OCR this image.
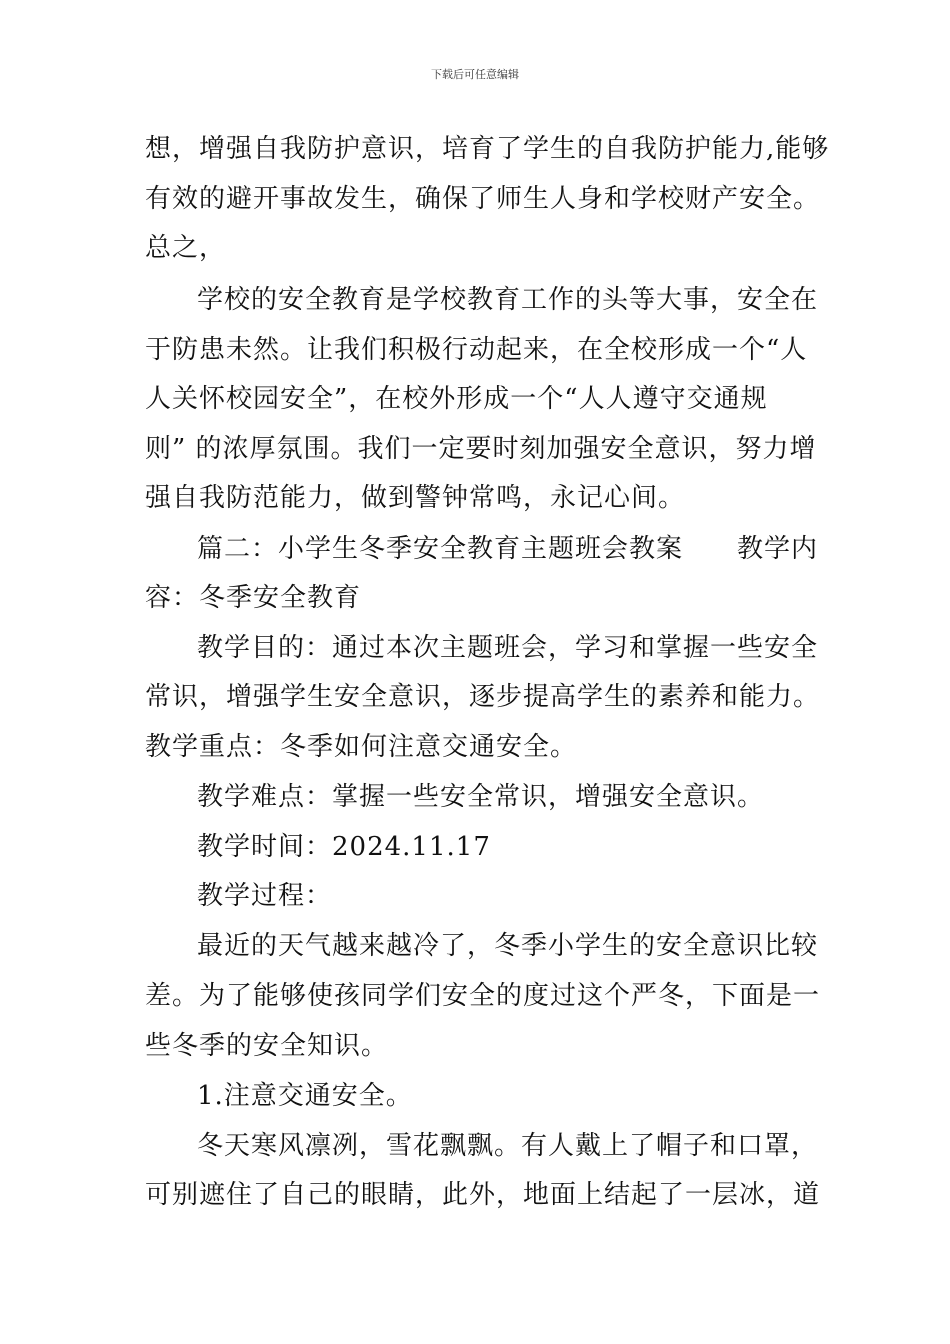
下载后可任意编辑
想，增强自我防护意识，培育了学生的自我防护能力,能够
有效的避开事故发生，确保了师生人身和学校财产安全。
总之，
学校的安全教育是学校教育工作的头等大事，安全在
于防患未然。让我们积极行动起来，在全校形成一个“人
人关怀校园安全”，在校外形成一个“人人遵守交通规
则” 的浓厚氛围。我们一定要时刻加强安全意识，努力增
强自我防范能力，做到警钟常鸣，永记心间。
篇二：小学生冬季安全教育主题班会教案　　教学内
容：冬季安全教育
教学目的：通过本次主题班会，学习和掌握一些安全
常识，增强学生安全意识，逐步提高学生的素养和能力。
教学重点：冬季如何注意交通安全。
教学难点：掌握一些安全常识，增强安全意识。
教学时间：2024.11.17
教学过程：
最近的天气越来越冷了，冬季小学生的安全意识比较
差。为了能够使孩同学们安全的度过这个严冬，下面是一
些冬季的安全知识。
1.注意交通安全。
冬天寒风凛冽，雪花飘飘。有人戴上了帽子和口罩，
可别遮住了自己的眼睛，此外，地面上结起了一层冰，道
